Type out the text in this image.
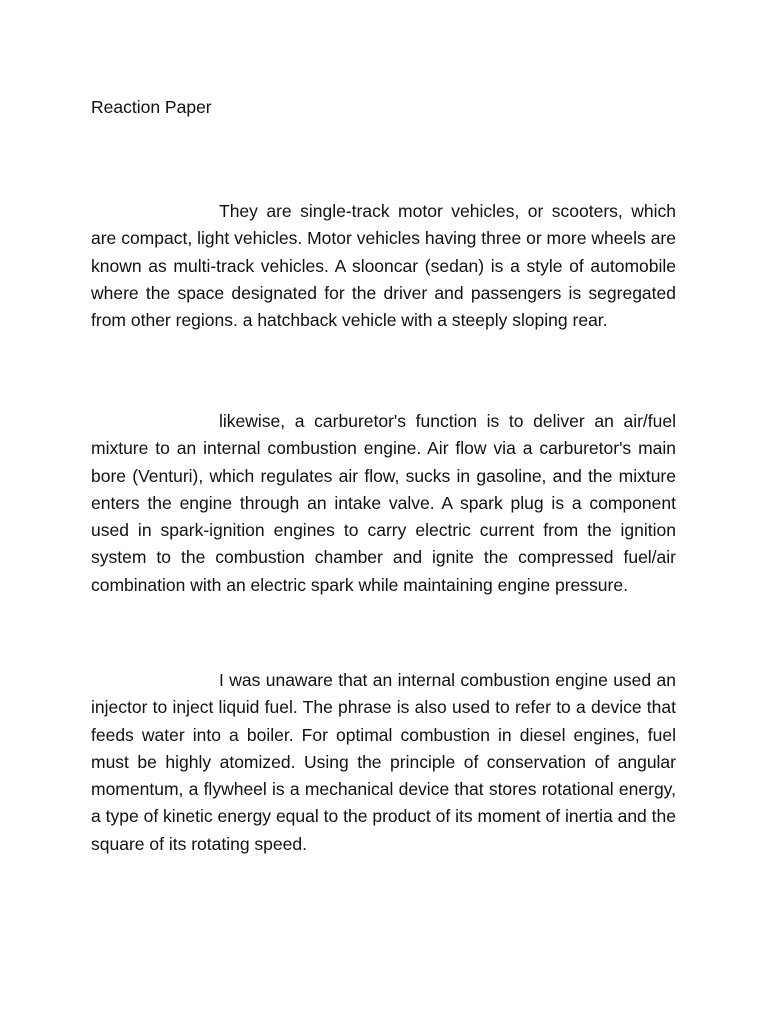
Reaction Paper

They are single-track motor vehicles, or scooters, which are compact, light vehicles. Motor vehicles having three or more wheels are known as multi-track vehicles. A slooncar (sedan) is a style of automobile where the space designated for the driver and passengers is segregated from other regions. a hatchback vehicle with a steeply sloping rear.

likewise, a carburetor's function is to deliver an air/fuel mixture to an internal combustion engine. Air flow via a carburetor's main bore (Venturi), which regulates air flow, sucks in gasoline, and the mixture enters the engine through an intake valve. A spark plug is a component used in spark-ignition engines to carry electric current from the ignition system to the combustion chamber and ignite the compressed fuel/air combination with an electric spark while maintaining engine pressure.

I was unaware that an internal combustion engine used an injector to inject liquid fuel. The phrase is also used to refer to a device that feeds water into a boiler. For optimal combustion in diesel engines, fuel must be highly atomized. Using the principle of conservation of angular momentum, a flywheel is a mechanical device that stores rotational energy, a type of kinetic energy equal to the product of its moment of inertia and the square of its rotating speed.
